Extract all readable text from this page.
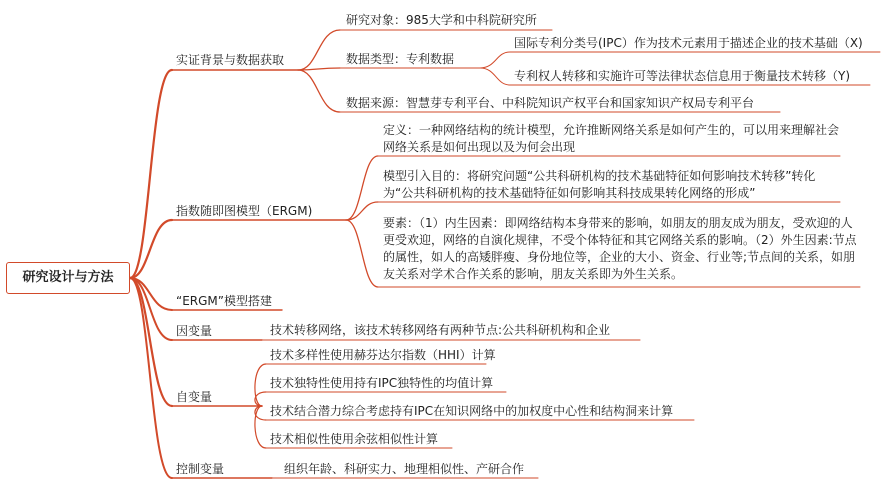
研究设计与方法
实证背景与数据获取
研究对象：985大学和中科院研究所
数据类型：专利数据
国际专利分类号(IPC）作为技术元素用于描述企业的技术基础（X)
专利权人转移和实施许可等法律状态信息用于衡量技术转移（Y)
数据来源：智慧芽专利平台、中科院知识产权平台和国家知识产权局专利平台
指数随即图模型（ERGM)
定义：一种网络结构的统计模型，允许推断网络关系是如何产生的，可以用来理解社会网络关系是如何出现以及为何会出现
模型引入目的：将研究问题“公共科研机构的技术基础特征如何影响技术转移”转化为“公共科研机构的技术基础特征如何影响其科技成果转化网络的形成”
要素：（1）内生因素：即网络结构本身带来的影响，如朋友的朋友成为朋友，受欢迎的人更受欢迎，网络的自演化规律，不受个体特征和其它网络关系的影响。（2）外生因素:节点的属性，如人的高矮胖瘦、身份地位等，企业的大小、资金、行业等;节点间的关系，如朋友关系对学术合作关系的影响，朋友关系即为外生关系。
“ERGM”模型搭建
因变量	技术转移网络，该技术转移网络有两种节点:公共科研机构和企业
自变量
技术多样性使用赫芬达尔指数（HHI）计算
技术独特性使用持有IPC独特性的均值计算
技术结合潜力综合考虑持有IPC在知识网络中的加权度中心性和结构洞来计算
技术相似性使用余弦相似性计算
控制变量	组织年龄、科研实力、地理相似性、产研合作
